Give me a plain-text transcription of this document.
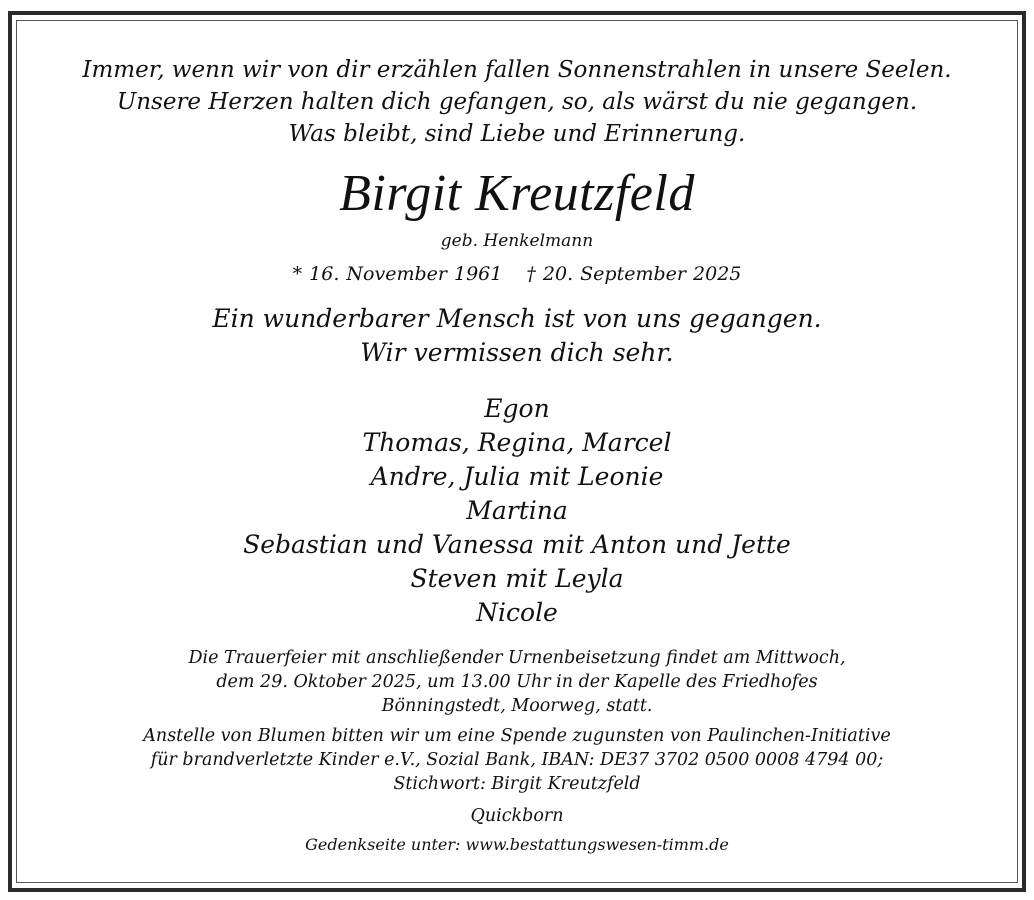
Immer, wenn wir von dir erzählen fallen Sonnenstrahlen in unsere Seelen.
Unsere Herzen halten dich gefangen, so, als wärst du nie gegangen.
Was bleibt, sind Liebe und Erinnerung.
Birgit Kreutzfeld
geb. Henkelmann
* 16. November 1961 † 20. September 2025
Ein wunderbarer Mensch ist von uns gegangen.
Wir vermissen dich sehr.
Egon
Thomas, Regina, Marcel
Andre, Julia mit Leonie
Martina
Sebastian und Vanessa mit Anton und Jette
Steven mit Leyla
Nicole
Die Trauerfeier mit anschließender Urnenbeisetzung findet am Mittwoch,
dem 29. Oktober 2025, um 13.00 Uhr in der Kapelle des Friedhofes
Bönningstedt, Moorweg, statt.
Anstelle von Blumen bitten wir um eine Spende zugunsten von Paulinchen-Initiative
für brandverletzte Kinder e.V., Sozial Bank, IBAN: DE37 3702 0500 0008 4794 00;
Stichwort: Birgit Kreutzfeld
Quickborn
Gedenkseite unter: www.bestattungswesen-timm.de
